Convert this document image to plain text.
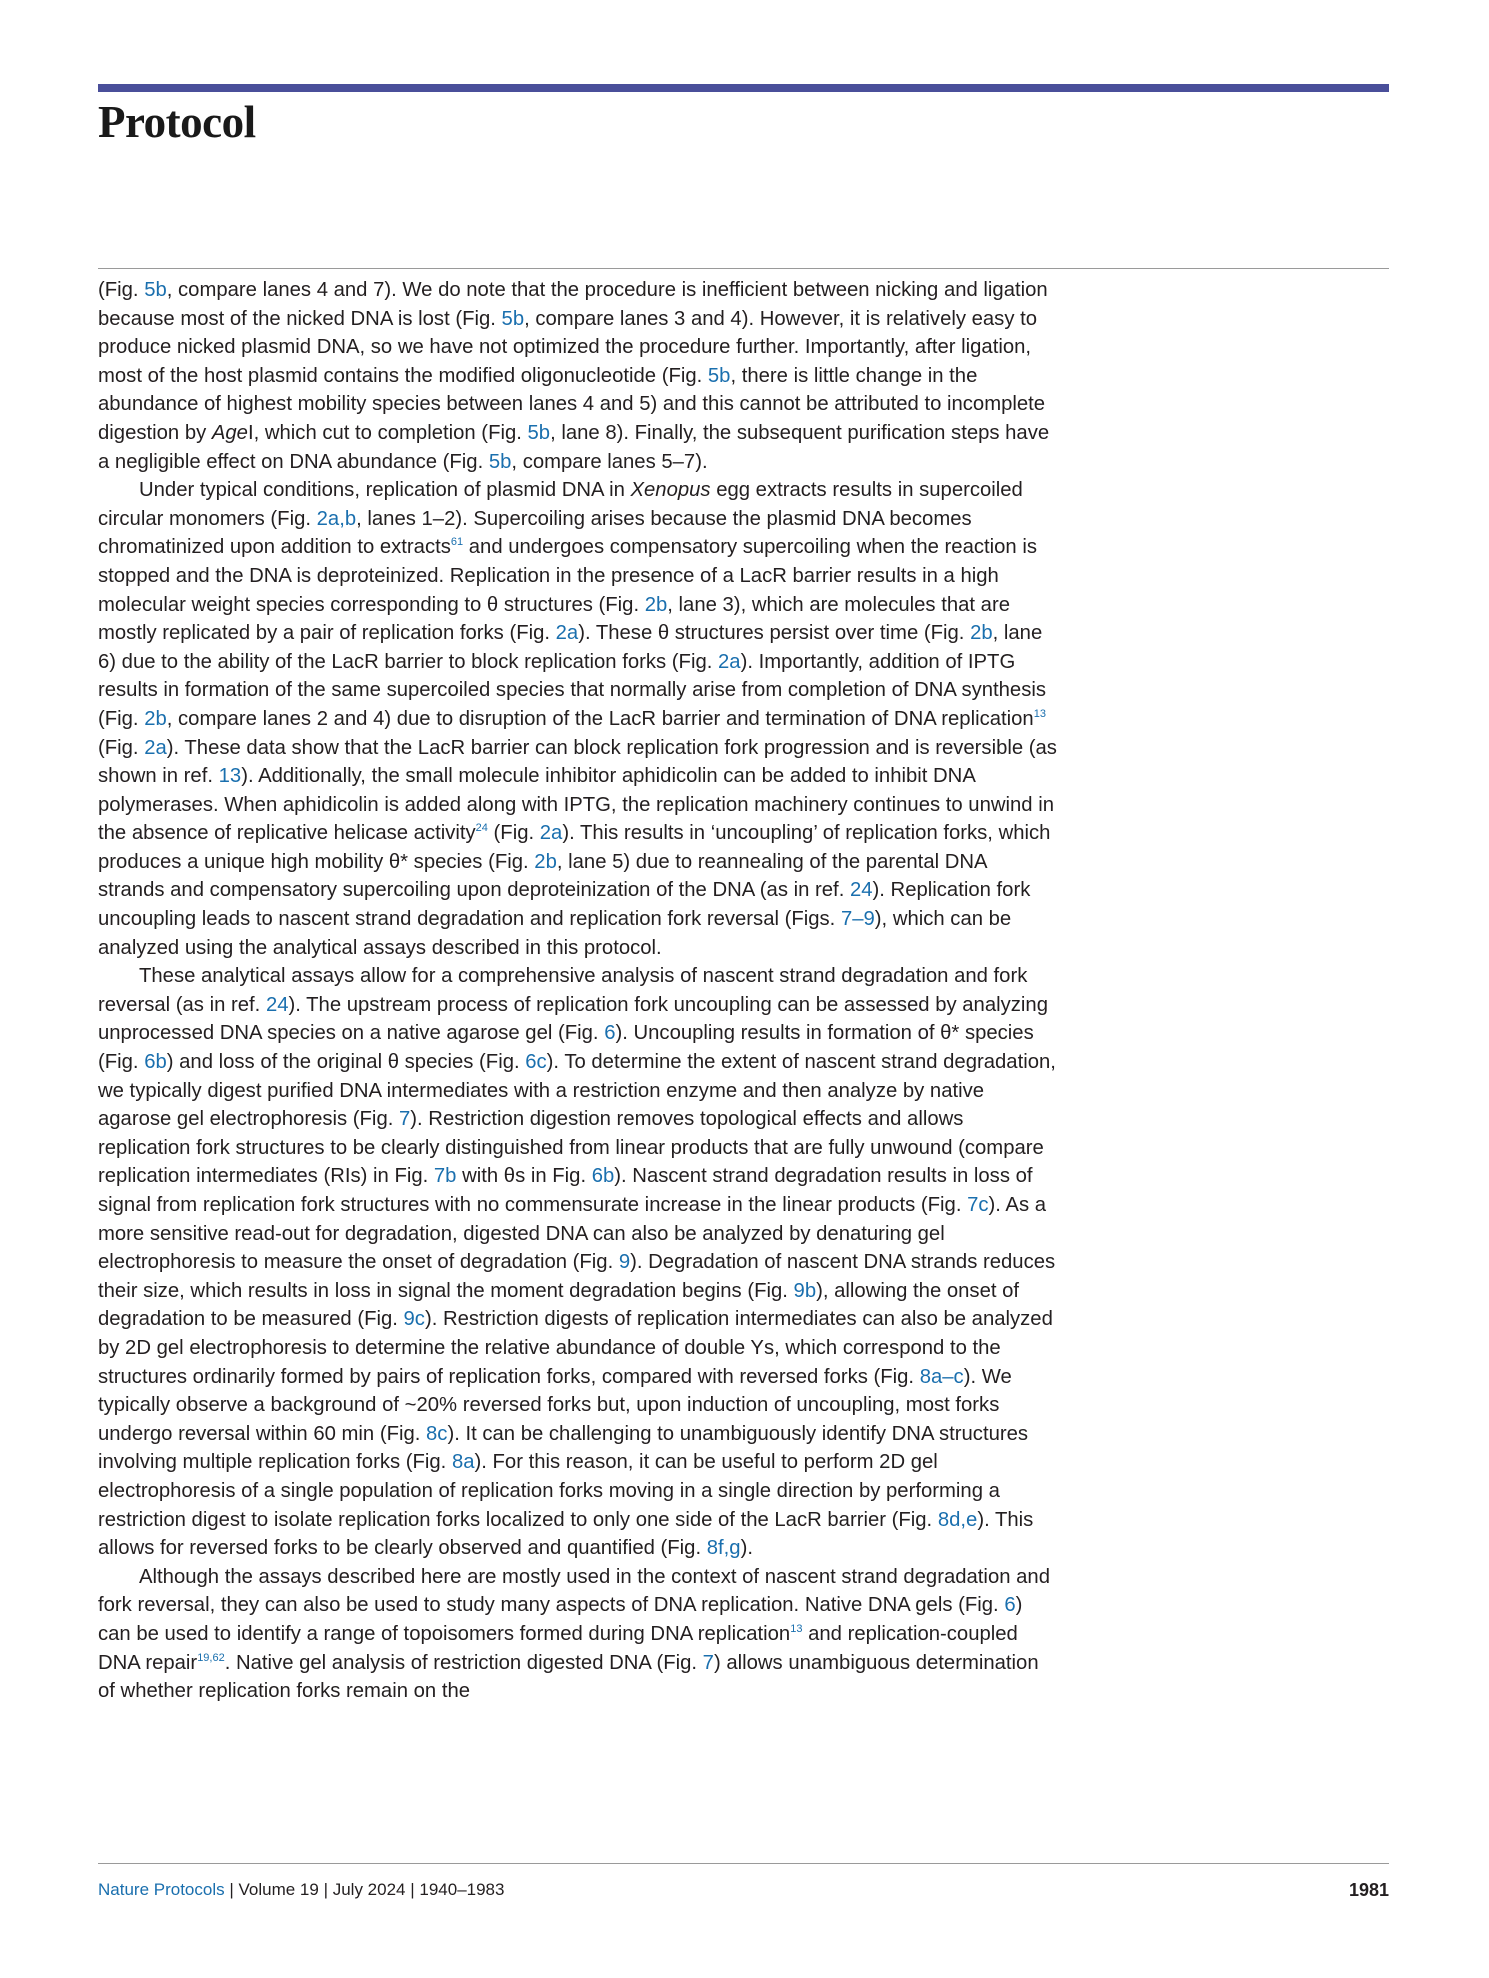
Protocol

(Fig. 5b, compare lanes 4 and 7). We do note that the procedure is inefficient between nicking and ligation because most of the nicked DNA is lost (Fig. 5b, compare lanes 3 and 4). However, it is relatively easy to produce nicked plasmid DNA, so we have not optimized the procedure further. Importantly, after ligation, most of the host plasmid contains the modified oligonucleotide (Fig. 5b, there is little change in the abundance of highest mobility species between lanes 4 and 5) and this cannot be attributed to incomplete digestion by AgeI, which cut to completion (Fig. 5b, lane 8). Finally, the subsequent purification steps have a negligible effect on DNA abundance (Fig. 5b, compare lanes 5–7).

Under typical conditions, replication of plasmid DNA in Xenopus egg extracts results in supercoiled circular monomers (Fig. 2a,b, lanes 1–2). Supercoiling arises because the plasmid DNA becomes chromatinized upon addition to extracts$^{61}$ and undergoes compensatory supercoiling when the reaction is stopped and the DNA is deproteinized. Replication in the presence of a LacR barrier results in a high molecular weight species corresponding to θ structures (Fig. 2b, lane 3), which are molecules that are mostly replicated by a pair of replication forks (Fig. 2a). These θ structures persist over time (Fig. 2b, lane 6) due to the ability of the LacR barrier to block replication forks (Fig. 2a). Importantly, addition of IPTG results in formation of the same supercoiled species that normally arise from completion of DNA synthesis (Fig. 2b, compare lanes 2 and 4) due to disruption of the LacR barrier and termination of DNA replication$^{13}$ (Fig. 2a). These data show that the LacR barrier can block replication fork progression and is reversible (as shown in ref. 13). Additionally, the small molecule inhibitor aphidicolin can be added to inhibit DNA polymerases. When aphidicolin is added along with IPTG, the replication machinery continues to unwind in the absence of replicative helicase activity$^{24}$ (Fig. 2a). This results in ‘uncoupling’ of replication forks, which produces a unique high mobility θ* species (Fig. 2b, lane 5) due to reannealing of the parental DNA strands and compensatory supercoiling upon deproteinization of the DNA (as in ref. 24). Replication fork uncoupling leads to nascent strand degradation and replication fork reversal (Figs. 7–9), which can be analyzed using the analytical assays described in this protocol.

These analytical assays allow for a comprehensive analysis of nascent strand degradation and fork reversal (as in ref. 24). The upstream process of replication fork uncoupling can be assessed by analyzing unprocessed DNA species on a native agarose gel (Fig. 6). Uncoupling results in formation of θ* species (Fig. 6b) and loss of the original θ species (Fig. 6c). To determine the extent of nascent strand degradation, we typically digest purified DNA intermediates with a restriction enzyme and then analyze by native agarose gel electrophoresis (Fig. 7). Restriction digestion removes topological effects and allows replication fork structures to be clearly distinguished from linear products that are fully unwound (compare replication intermediates (RIs) in Fig. 7b with θs in Fig. 6b). Nascent strand degradation results in loss of signal from replication fork structures with no commensurate increase in the linear products (Fig. 7c). As a more sensitive read-out for degradation, digested DNA can also be analyzed by denaturing gel electrophoresis to measure the onset of degradation (Fig. 9). Degradation of nascent DNA strands reduces their size, which results in loss in signal the moment degradation begins (Fig. 9b), allowing the onset of degradation to be measured (Fig. 9c). Restriction digests of replication intermediates can also be analyzed by 2D gel electrophoresis to determine the relative abundance of double Ys, which correspond to the structures ordinarily formed by pairs of replication forks, compared with reversed forks (Fig. 8a–c). We typically observe a background of ~20% reversed forks but, upon induction of uncoupling, most forks undergo reversal within 60 min (Fig. 8c). It can be challenging to unambiguously identify DNA structures involving multiple replication forks (Fig. 8a). For this reason, it can be useful to perform 2D gel electrophoresis of a single population of replication forks moving in a single direction by performing a restriction digest to isolate replication forks localized to only one side of the LacR barrier (Fig. 8d,e). This allows for reversed forks to be clearly observed and quantified (Fig. 8f,g).

Although the assays described here are mostly used in the context of nascent strand degradation and fork reversal, they can also be used to study many aspects of DNA replication. Native DNA gels (Fig. 6) can be used to identify a range of topoisomers formed during DNA replication$^{13}$ and replication-coupled DNA repair$^{19,62}$. Native gel analysis of restriction digested DNA (Fig. 7) allows unambiguous determination of whether replication forks remain on the

Nature Protocols | Volume 19 | July 2024 | 1940–1983	1981
